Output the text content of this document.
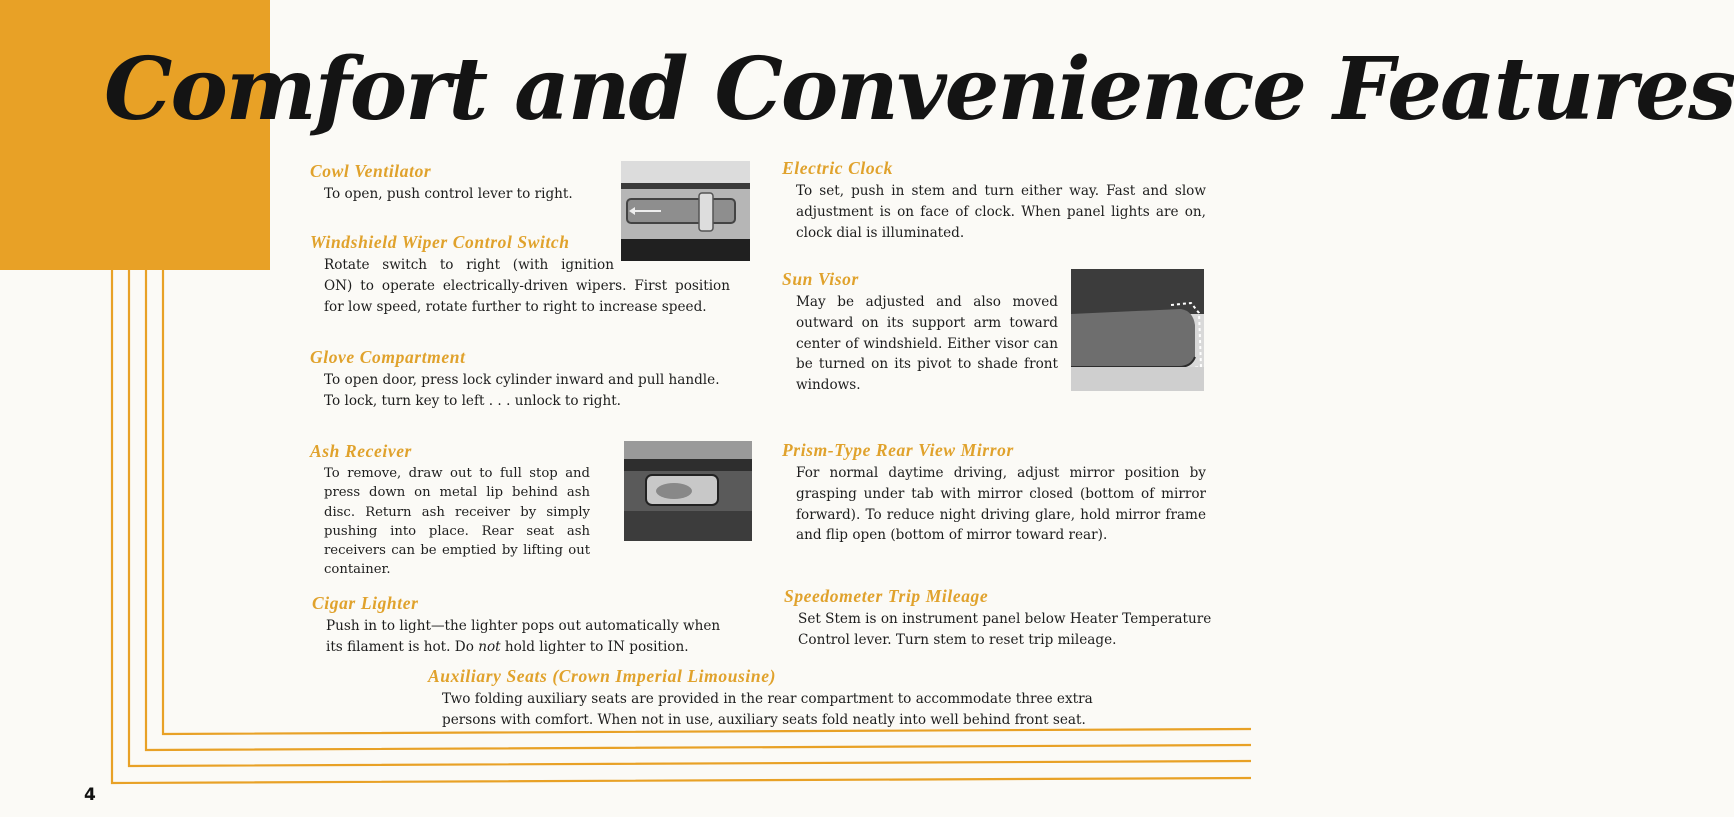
Comfort and Convenience Features
Cowl Ventilator
To open, push control lever to right.
Windshield Wiper Control Switch
Rotate switch to right (with ignition
ON) to operate electrically-driven wipers. First position for low speed, rotate further to right to increase speed.
Glove Compartment
To open door, press lock cylinder inward and pull handle. To lock, turn key to left . . . unlock to right.
Ash Receiver
To remove, draw out to full stop and press down on metal lip behind ash disc. Return ash receiver by simply pushing into place. Rear seat ash receivers can be emptied by lifting out container.
Cigar Lighter
Push in to light—the lighter pops out automatically when its filament is hot. Do not hold lighter to IN position.
Electric Clock
To set, push in stem and turn either way. Fast and slow adjustment is on face of clock. When panel lights are on, clock dial is illuminated.
Sun Visor
May be adjusted and also moved outward on its support arm toward center of windshield. Either visor can be turned on its pivot to shade front windows.
Prism-Type Rear View Mirror
For normal daytime driving, adjust mirror position by grasping under tab with mirror closed (bottom of mirror forward). To reduce night driving glare, hold mirror frame and flip open (bottom of mirror toward rear).
Speedometer Trip Mileage
Set Stem is on instrument panel below Heater Temperature Control lever. Turn stem to reset trip mileage.
Auxiliary Seats (Crown Imperial Limousine)
Two folding auxiliary seats are provided in the rear compartment to accommodate three extra persons with comfort. When not in use, auxiliary seats fold neatly into well behind front seat.
4
